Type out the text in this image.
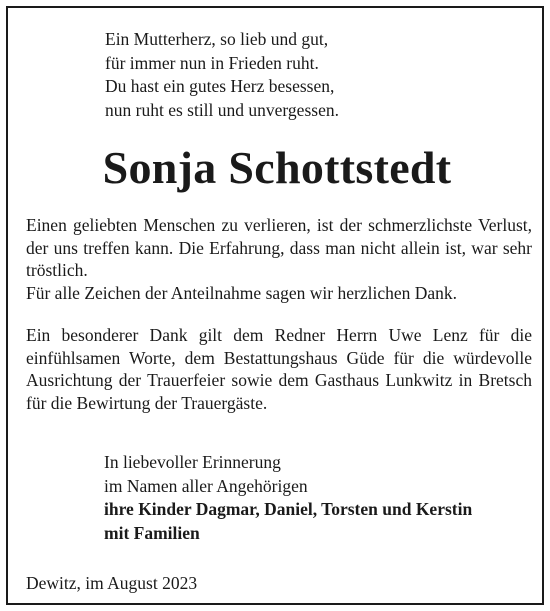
Ein Mutterherz, so lieb und gut,
für immer nun in Frieden ruht.
Du hast ein gutes Herz besessen,
nun ruht es still und unvergessen.
Sonja Schottstedt
Einen geliebten Menschen zu verlieren, ist der schmerzlichste Verlust, der uns treffen kann. Die Erfahrung, dass man nicht allein ist, war sehr tröstlich.
Für alle Zeichen der Anteilnahme sagen wir herzlichen Dank.
Ein besonderer Dank gilt dem Redner Herrn Uwe Lenz für die einfühlsamen Worte, dem Bestattungshaus Güde für die würdevolle Ausrichtung der Trauerfeier sowie dem Gasthaus Lunkwitz in Bretsch für die Bewirtung der Trauergäste.
In liebevoller Erinnerung
im Namen aller Angehörigen
ihre Kinder Dagmar, Daniel, Torsten und Kerstin
mit Familien
Dewitz, im August 2023
